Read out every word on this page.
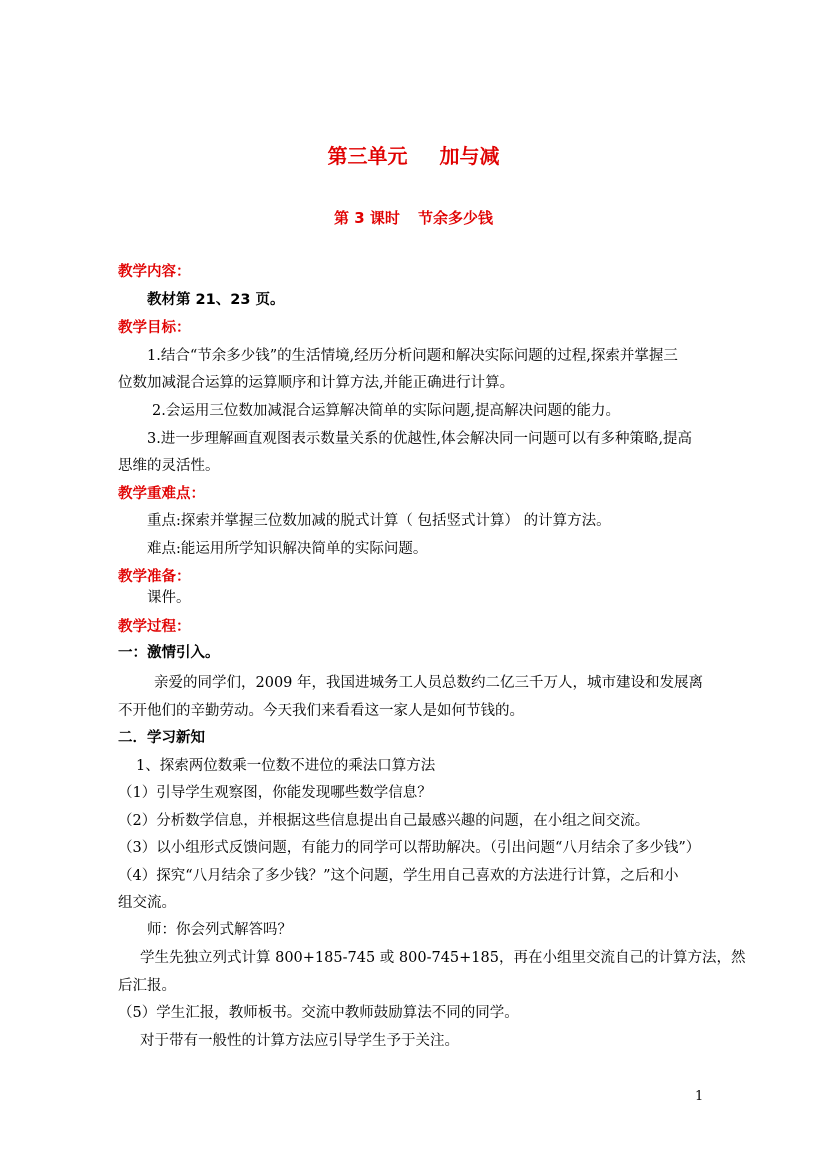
第三单元 加与减
第 3 课时 节余多少钱
教学内容：
教材第 21、23 页。
教学目标：
1.结合“节余多少钱”的生活情境,经历分析问题和解决实际问题的过程,探索并掌握三
位数加减混合运算的运算顺序和计算方法,并能正确进行计算。
2.会运用三位数加减混合运算解决简单的实际问题,提高解决问题的能力。
3.进一步理解画直观图表示数量关系的优越性,体会解决同一问题可以有多种策略,提高
思维的灵活性。
教学重难点：
重点:探索并掌握三位数加减的脱式计算（ 包括竖式计算） 的计算方法。
难点:能运用所学知识解决简单的实际问题。
教学准备：
课件。
教学过程：
一：激情引入。
亲爱的同学们，2009 年，我国进城务工人员总数约二亿三千万人，城市建设和发展离
不开他们的辛勤劳动。今天我们来看看这一家人是如何节钱的。
二．学习新知
1、探索两位数乘一位数不进位的乘法口算方法
（1）引导学生观察图，你能发现哪些数学信息？
（2）分析数学信息，并根据这些信息提出自己最感兴趣的问题，在小组之间交流。
（3）以小组形式反馈问题，有能力的同学可以帮助解决。（引出问题“八月结余了多少钱”）
（4）探究“八月结余了多少钱？”这个问题，学生用自己喜欢的方法进行计算，之后和小
组交流。
师：你会列式解答吗？
学生先独立列式计算 800+185-745 或 800-745+185，再在小组里交流自己的计算方法，然
后汇报。
（5）学生汇报，教师板书。交流中教师鼓励算法不同的同学。
对于带有一般性的计算方法应引导学生予于关注。
1
